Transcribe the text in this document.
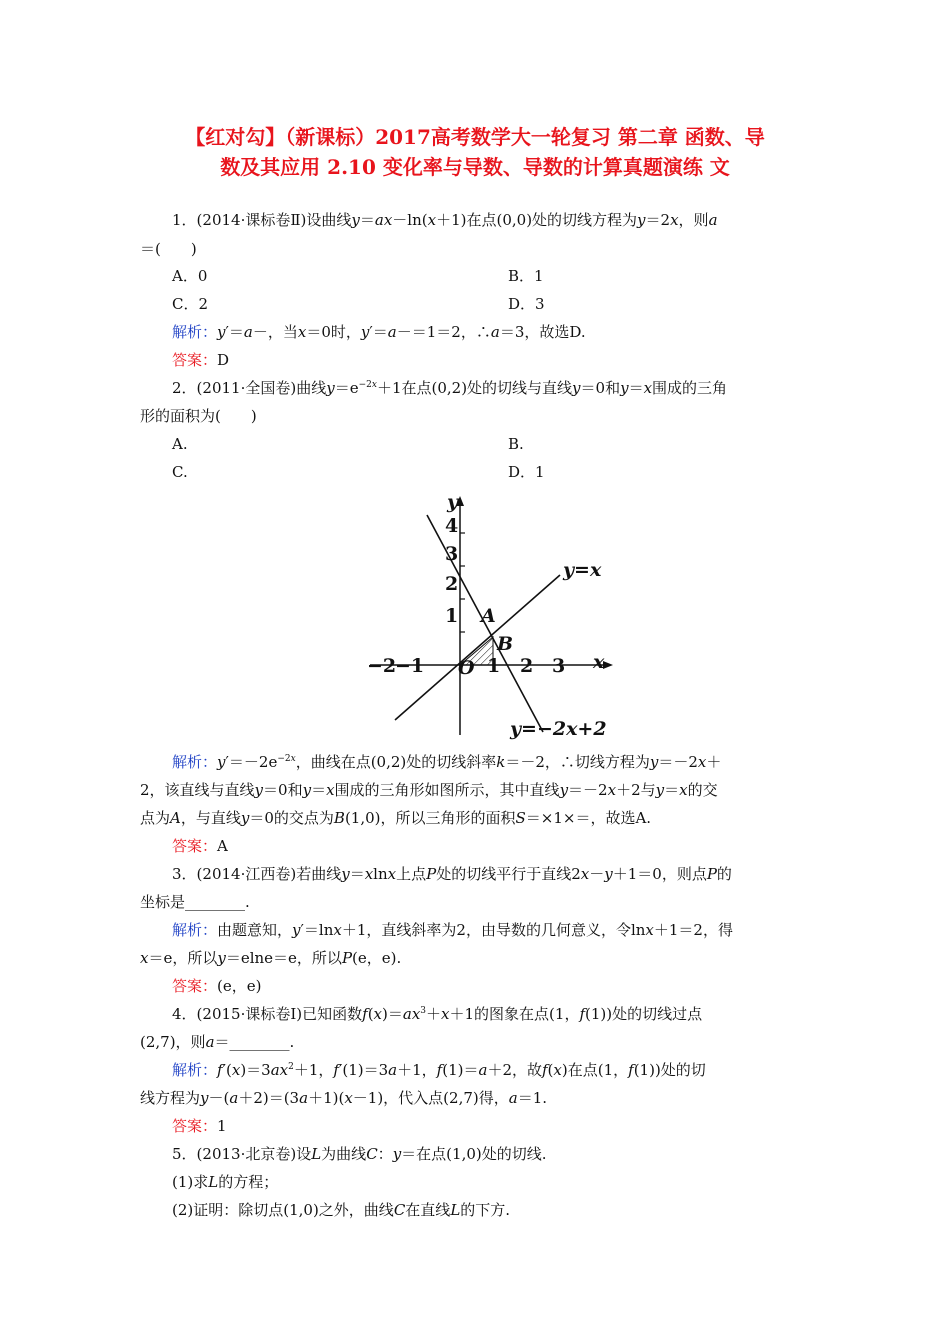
【红对勾】（新课标）2017高考数学大一轮复习 第二章 函数、导
数及其应用 2.10 变化率与导数、导数的计算真题演练 文
1．(2014·课标卷Ⅱ)设曲线y＝ax－ln(x＋1)在点(0,0)处的切线方程为y＝2x，则a
＝(　　)
A．0	B．1
C．2	D．3
解析：y′＝a－，当x＝0时，y′＝a－＝1＝2，∴a＝3，故选D.
答案：D
2．(2011·全国卷)曲线$y=e^{-2x}+1$在点(0,2)处的切线与直线y＝0和y＝x围成的三角
形的面积为(　　)
A.	B.
C.	D．1
y
x
O
−2
−1	1 2 3
1
2
3
4
A
B
y=x
y=−2x+2
解析：$y'=-2e^{-2x}$，曲线在点(0,2)处的切线斜率k＝－2，∴切线方程为y＝－2x＋
2，该直线与直线y＝0和y＝x围成的三角形如图所示，其中直线y＝－2x＋2与y＝x的交
点为A，与直线y＝0的交点为B(1,0)，所以三角形的面积S＝×1×＝，故选A.
答案：A
3．(2014·江西卷)若曲线y＝xlnx上点P处的切线平行于直线2x－y＋1＝0，则点P的
坐标是________.
解析：由题意知，y′＝lnx＋1，直线斜率为2，由导数的几何意义，令lnx＋1＝2，得
x＝e，所以y＝elne＝e，所以P(e，e).
答案：(e，e)
4．(2015·课标卷Ⅰ)已知函数$f(x)=ax^3+x+1$的图象在点(1，f(1))处的切线过点
(2,7)，则a＝________.
解析：$f'(x)=3ax^2+1$，f′(1)＝3a＋1，f(1)＝a＋2，故f(x)在点(1，f(1))处的切
线方程为y－(a＋2)＝(3a＋1)(x－1)，代入点(2,7)得，a＝1.
答案：1
5．(2013·北京卷)设L为曲线C：y＝在点(1,0)处的切线.
(1)求L的方程；
(2)证明：除切点(1,0)之外，曲线C在直线L的下方.
